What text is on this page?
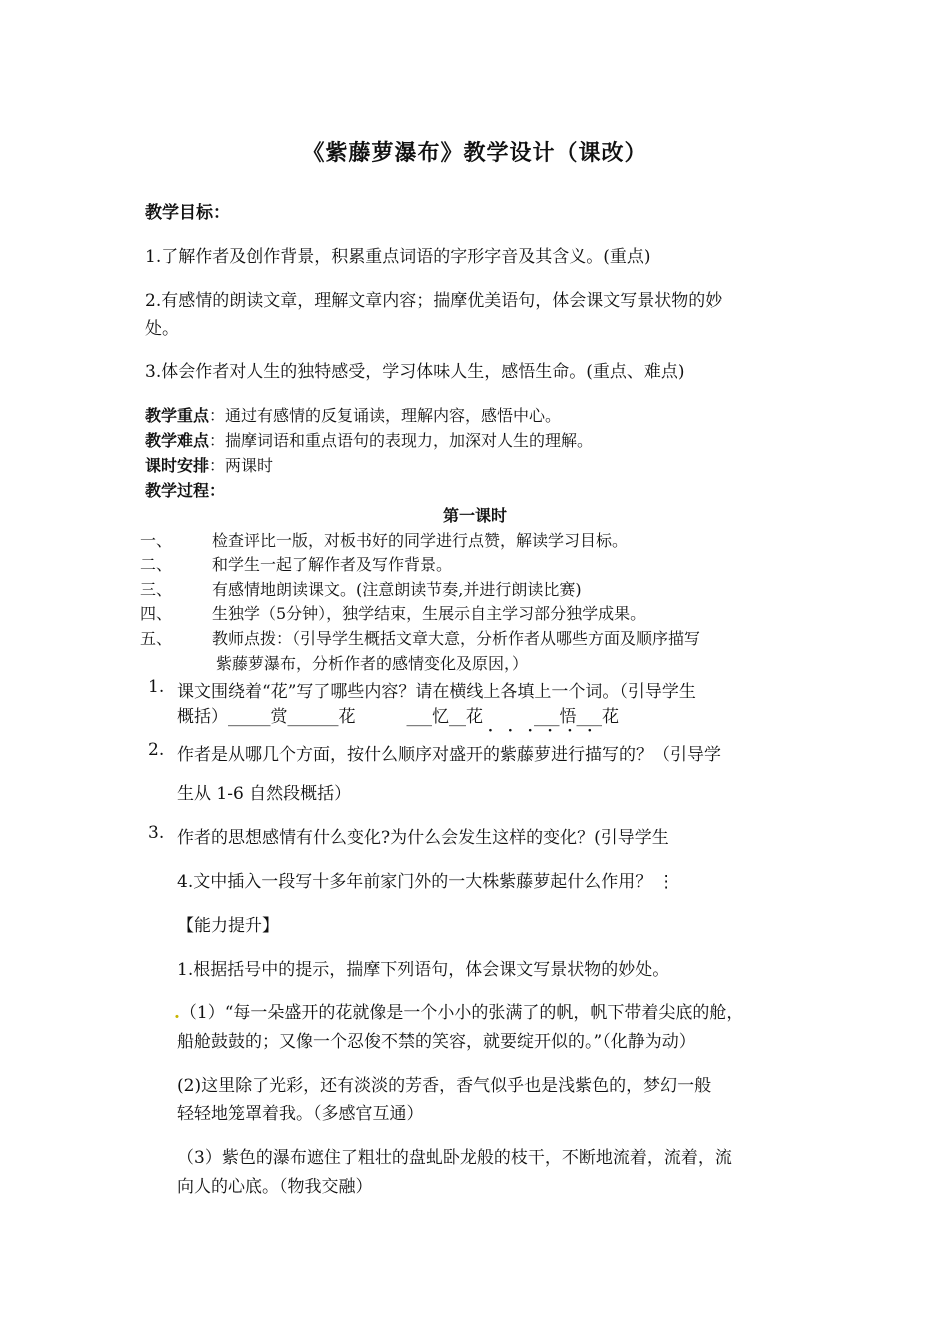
《紫藤萝瀑布》教学设计（课改）
教学目标：
1.了解作者及创作背景，积累重点词语的字形字音及其含义。(重点)
2.有感情的朗读文章，理解文章内容；揣摩优美语句，体会课文写景状物的妙
处。
3.体会作者对人生的独特感受，学习体味人生，感悟生命。(重点、难点)
教学重点：通过有感情的反复诵读，理解内容，感悟中心。
教学难点：揣摩词语和重点语句的表现力，加深对人生的理解。
课时安排：两课时
教学过程：
第一课时
一、 检查评比一版，对板书好的同学进行点赞，解读学习目标。
二、 和学生一起了解作者及写作背景。
三、 有感情地朗读课文。(注意朗读节奏,并进行朗读比赛)
四、 生独学（5分钟），独学结束，生展示自主学习部分独学成果。
五、 教师点拨：（引导学生概括文章大意，分析作者从哪些方面及顺序描写
紫藤萝瀑布，分析作者的感情变化及原因，）
1. 课文围绕着“花”写了哪些内容？请在横线上各填上一个词。（引导学生
概括）_____赏______花　　　___忆__花　　　___悟___花
······
2. 作者是从哪几个方面，按什么顺序对盛开的紫藤萝进行描写的？（引导学
生从 1-6 自然段概括）
3. 作者的思想感情有什么变化?为什么会发生这样的变化？(引导学生
4.文中插入一段写十多年前家门外的一大株紫藤萝起什么作用？ ⋮
【能力提升】
1.根据括号中的提示，揣摩下列语句，体会课文写景状物的妙处。
.（1）“每一朵盛开的花就像是一个小小的张满了的帆，帆下带着尖底的舱，
船舱鼓鼓的；又像一个忍俊不禁的笑容，就要绽开似的。”（化静为动）
(2)这里除了光彩，还有淡淡的芳香，香气似乎也是浅紫色的，梦幻一般
轻轻地笼罩着我。（多感官互通）
（3）紫色的瀑布遮住了粗壮的盘虬卧龙般的枝干，不断地流着，流着，流
向人的心底。（物我交融）
